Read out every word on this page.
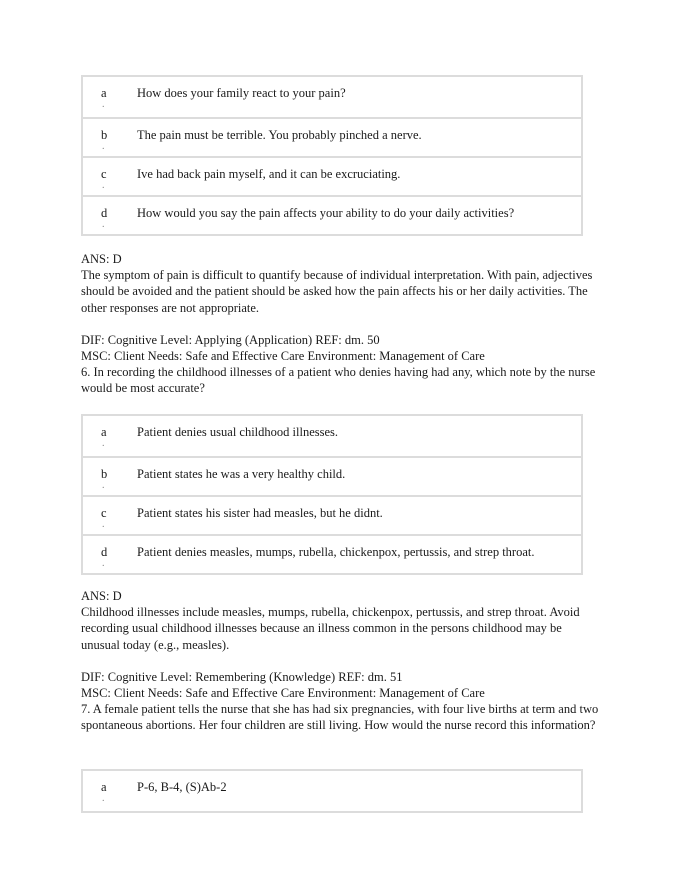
a
.
How does your family react to your pain?
b
.
The pain must be terrible. You probably pinched a nerve.
c
.
Ive had back pain myself, and it can be excruciating.
d
.
How would you say the pain affects your ability to do your daily activities?

ANS: D

The symptom of pain is difficult to quantify because of individual interpretation. With pain, adjectives should be avoided and the patient should be asked how the pain affects his or her daily activities. The other responses are not appropriate.

DIF: Cognitive Level: Applying (Application) REF: dm. 50

MSC: Client Needs: Safe and Effective Care Environment: Management of Care

6. In recording the childhood illnesses of a patient who denies having had any, which note by the nurse would be most accurate?

a
.
Patient denies usual childhood illnesses.
b
.
Patient states he was a very healthy child.
c
.
Patient states his sister had measles, but he didnt.
d
.
Patient denies measles, mumps, rubella, chickenpox, pertussis, and strep throat.

ANS: D

Childhood illnesses include measles, mumps, rubella, chickenpox, pertussis, and strep throat. Avoid recording usual childhood illnesses because an illness common in the persons childhood may be unusual today (e.g., measles).

DIF: Cognitive Level: Remembering (Knowledge) REF: dm. 51

MSC: Client Needs: Safe and Effective Care Environment: Management of Care

7. A female patient tells the nurse that she has had six pregnancies, with four live births at term and two spontaneous abortions. Her four children are still living. How would the nurse record this information?

a
.
P-6, B-4, (S)Ab-2
